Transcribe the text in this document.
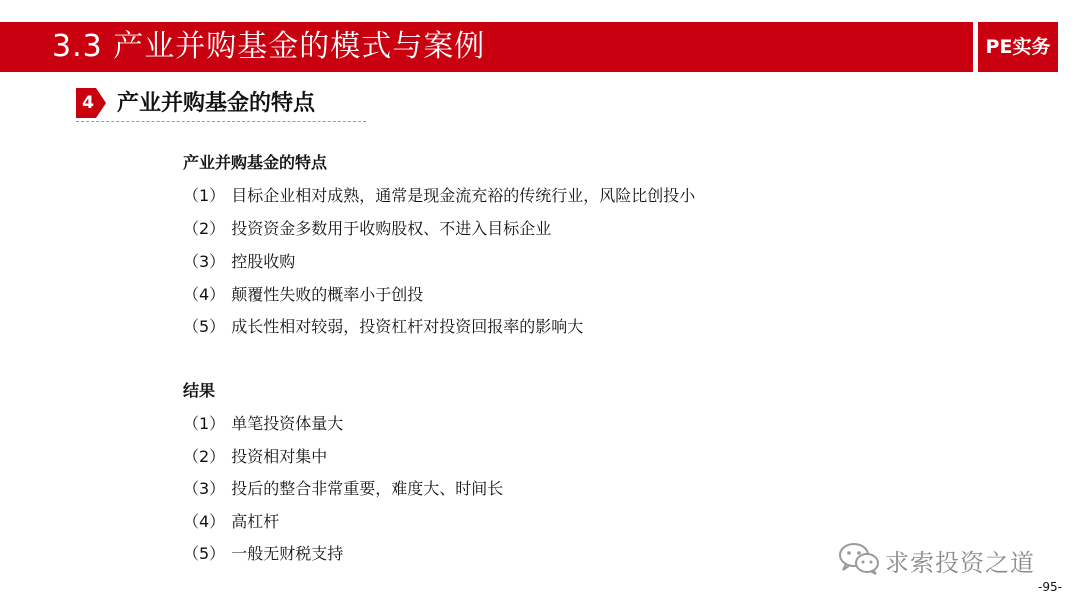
3.3 产业并购基金的模式与案例	PE实务
4 产业并购基金的特点
产业并购基金的特点
（1） 目标企业相对成熟，通常是现金流充裕的传统行业，风险比创投小
（2） 投资资金多数用于收购股权、不进入目标企业
（3） 控股收购
（4） 颠覆性失败的概率小于创投
（5） 成长性相对较弱，投资杠杆对投资回报率的影响大
结果
（1） 单笔投资体量大
（2） 投资相对集中
（3） 投后的整合非常重要，难度大、时间长
（4） 高杠杆
（5） 一般无财税支持	求索投资之道
-95-
